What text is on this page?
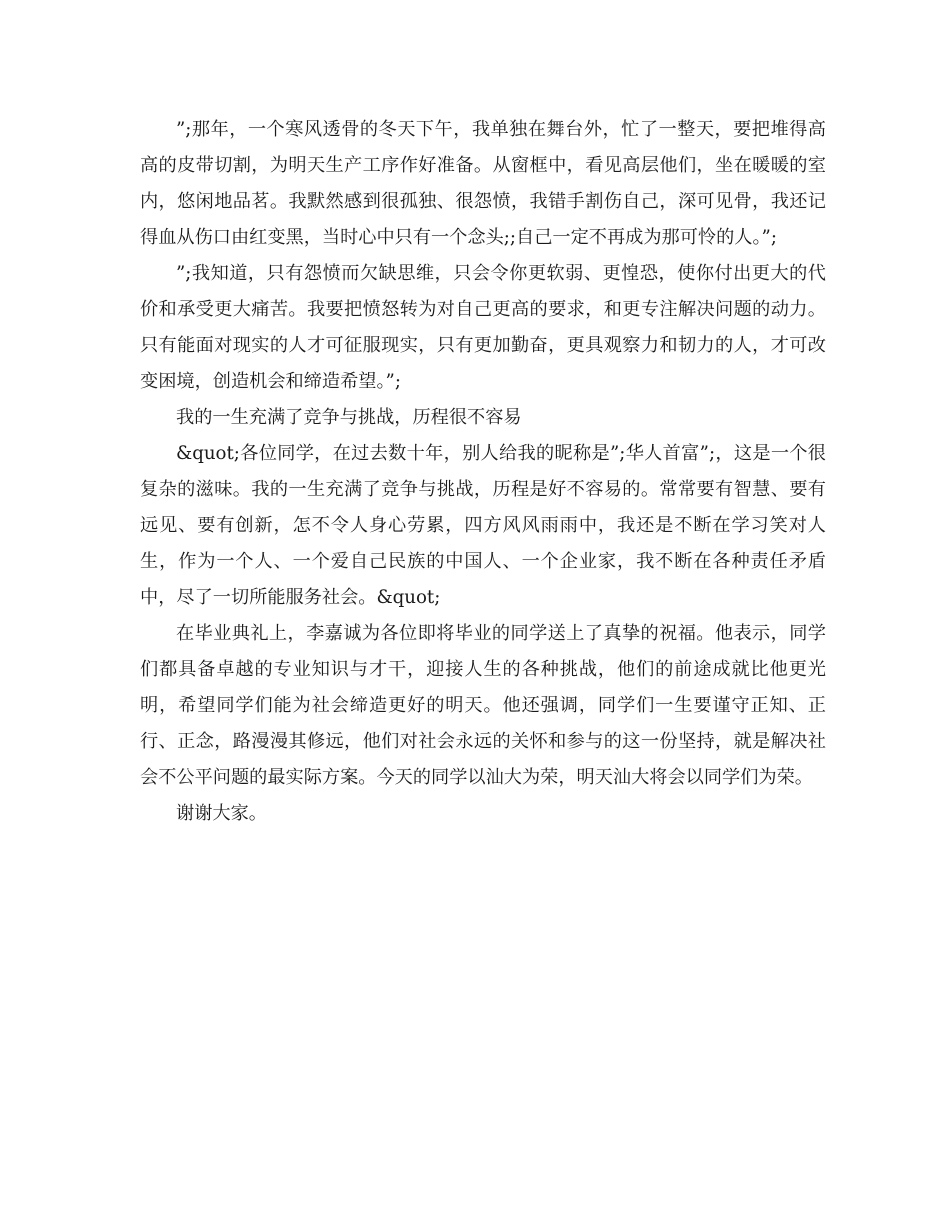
”;那年，一个寒风透骨的冬天下午，我单独在舞台外，忙了一整天，要把堆得高高的皮带切割，为明天生产工序作好准备。从窗框中，看见高层他们，坐在暖暖的室内，悠闲地品茗。我默然感到很孤独、很怨愤，我错手割伤自己，深可见骨，我还记得血从伤口由红变黑，当时心中只有一个念头;;自己一定不再成为那可怜的人。”;

”;我知道，只有怨愤而欠缺思维，只会令你更软弱、更惶恐，使你付出更大的代价和承受更大痛苦。我要把愤怒转为对自己更高的要求，和更专注解决问题的动力。只有能面对现实的人才可征服现实，只有更加勤奋，更具观察力和韧力的人，才可改变困境，创造机会和缔造希望。”;

我的一生充满了竞争与挑战，历程很不容易

&quot;各位同学，在过去数十年，别人给我的昵称是”;华人首富”;，这是一个很复杂的滋味。我的一生充满了竞争与挑战，历程是好不容易的。常常要有智慧、要有远见、要有创新，怎不令人身心劳累，四方风风雨雨中，我还是不断在学习笑对人生，作为一个人、一个爱自己民族的中国人、一个企业家，我不断在各种责任矛盾中，尽了一切所能服务社会。&quot;

在毕业典礼上，李嘉诚为各位即将毕业的同学送上了真挚的祝福。他表示，同学们都具备卓越的专业知识与才干，迎接人生的各种挑战，他们的前途成就比他更光明，希望同学们能为社会缔造更好的明天。他还强调，同学们一生要谨守正知、正行、正念，路漫漫其修远，他们对社会永远的关怀和参与的这一份坚持，就是解决社会不公平问题的最实际方案。今天的同学以汕大为荣，明天汕大将会以同学们为荣。

谢谢大家。
